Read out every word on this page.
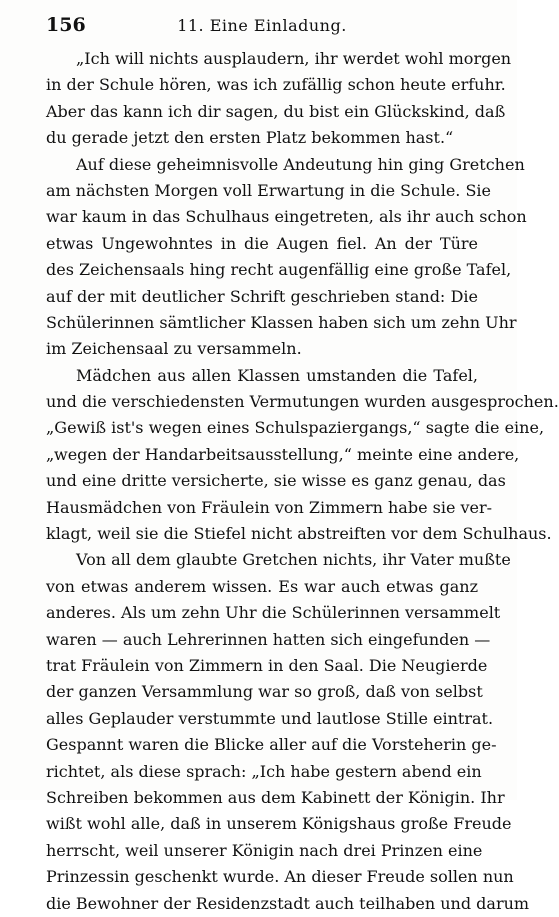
156	11. Eine Einladung.
„Ich will nichts ausplaudern, ihr werdet wohl morgen
in der Schule hören, was ich zufällig schon heute erfuhr.
Aber das kann ich dir sagen, du bist ein Glückskind, daß
du gerade jetzt den ersten Platz bekommen hast.“
Auf diese geheimnisvolle Andeutung hin ging Gretchen
am nächsten Morgen voll Erwartung in die Schule. Sie
war kaum in das Schulhaus eingetreten, als ihr auch schon
etwas Ungewohntes in die Augen fiel. An der Türe
des Zeichensaals hing recht augenfällig eine große Tafel,
auf der mit deutlicher Schrift geschrieben stand: Die
Schülerinnen sämtlicher Klassen haben sich um zehn Uhr
im Zeichensaal zu versammeln.
Mädchen aus allen Klassen umstanden die Tafel,
und die verschiedensten Vermutungen wurden ausgesprochen.
„Gewiß ist's wegen eines Schulspaziergangs,“ sagte die eine,
„wegen der Handarbeitsausstellung,“ meinte eine andere,
und eine dritte versicherte, sie wisse es ganz genau, das
Hausmädchen von Fräulein von Zimmern habe sie ver-
klagt, weil sie die Stiefel nicht abstreiften vor dem Schulhaus.
Von all dem glaubte Gretchen nichts, ihr Vater mußte
von etwas anderem wissen. Es war auch etwas ganz
anderes. Als um zehn Uhr die Schülerinnen versammelt
waren — auch Lehrerinnen hatten sich eingefunden —
trat Fräulein von Zimmern in den Saal. Die Neugierde
der ganzen Versammlung war so groß, daß von selbst
alles Geplauder verstummte und lautlose Stille eintrat.
Gespannt waren die Blicke aller auf die Vorsteherin ge-
richtet, als diese sprach: „Ich habe gestern abend ein
Schreiben bekommen aus dem Kabinett der Königin. Ihr
wißt wohl alle, daß in unserem Königshaus große Freude
herrscht, weil unserer Königin nach drei Prinzen eine
Prinzessin geschenkt wurde. An dieser Freude sollen nun
die Bewohner der Residenzstadt auch teilhaben und darum
